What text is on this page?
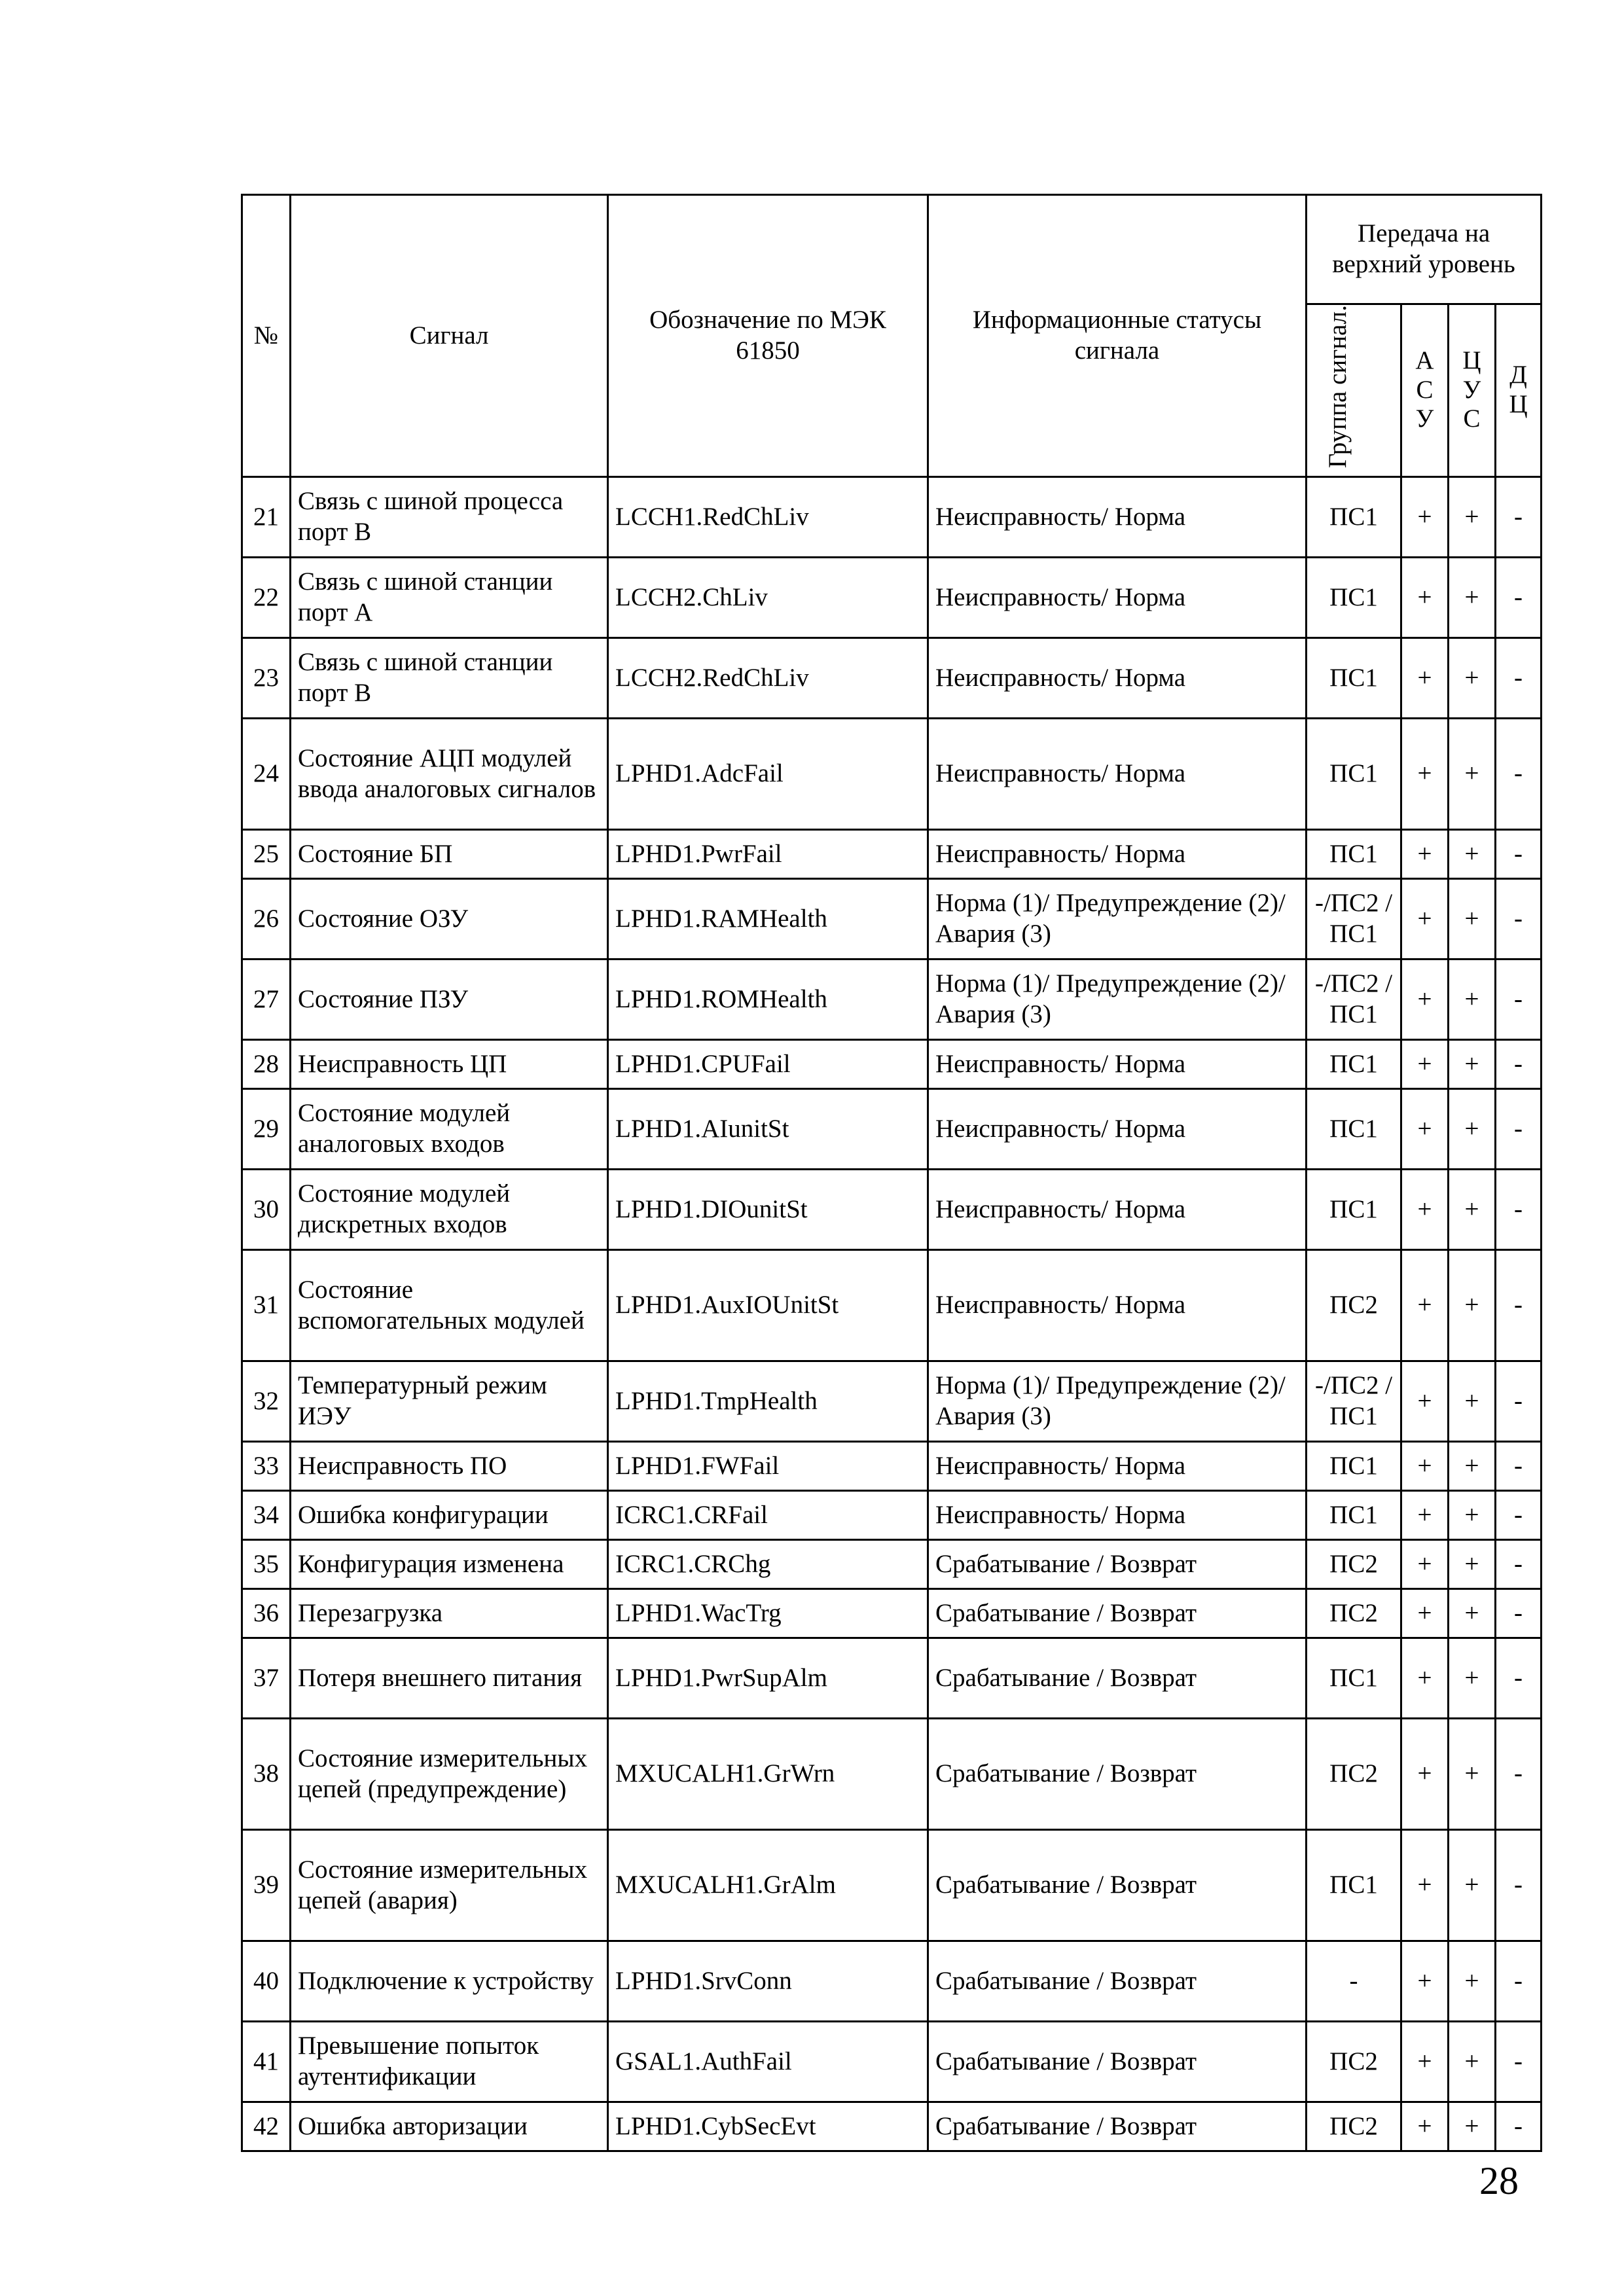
№	Сигнал	Обозначение по МЭК 61850	Информационные статусы сигнала	Передача на верхний уровень			
				Группа сигнал.	АСУ	ЦУС	ДЦ
21	Связь с шиной процесса порт В	LCCH1.RedChLiv	Неисправность/ Норма	ПС1	+	+	-
22	Связь с шиной станции порт А	LCCH2.ChLiv	Неисправность/ Норма	ПС1	+	+	-
23	Связь с шиной станции порт В	LCCH2.RedChLiv	Неисправность/ Норма	ПС1	+	+	-
24	Состояние АЦП модулей ввода аналоговых сигналов	LPHD1.AdcFail	Неисправность/ Норма	ПС1	+	+	-
25	Состояние БП	LPHD1.PwrFail	Неисправность/ Норма	ПС1	+	+	-
26	Состояние ОЗУ	LPHD1.RAMHealth	Норма (1)/ Предупреждение (2)/ Авария (3)	-/ПС2 /ПС1	+	+	-
27	Состояние ПЗУ	LPHD1.ROMHealth	Норма (1)/ Предупреждение (2)/ Авария (3)	-/ПС2 /ПС1	+	+	-
28	Неисправность ЦП	LPHD1.CPUFail	Неисправность/ Норма	ПС1	+	+	-
29	Состояние модулей аналоговых входов	LPHD1.AIunitSt	Неисправность/ Норма	ПС1	+	+	-
30	Состояние модулей дискретных входов	LPHD1.DIOunitSt	Неисправность/ Норма	ПС1	+	+	-
31	Состояние вспомогательных модулей	LPHD1.AuxIOUnitSt	Неисправность/ Норма	ПС2	+	+	-
32	Температурный режим ИЭУ	LPHD1.TmpHealth	Норма (1)/ Предупреждение (2)/ Авария (3)	-/ПС2 /ПС1	+	+	-
33	Неисправность ПО	LPHD1.FWFail	Неисправность/ Норма	ПС1	+	+	-
34	Ошибка конфигурации	ICRC1.CRFail	Неисправность/ Норма	ПС1	+	+	-
35	Конфигурация изменена	ICRC1.CRChg	Срабатывание / Возврат	ПС2	+	+	-
36	Перезагрузка	LPHD1.WacTrg	Срабатывание / Возврат	ПС2	+	+	-
37	Потеря внешнего питания	LPHD1.PwrSupAlm	Срабатывание / Возврат	ПС1	+	+	-
38	Состояние измерительных цепей (предупреждение)	MXUCALH1.GrWrn	Срабатывание / Возврат	ПС2	+	+	-
39	Состояние измерительных цепей (авария)	MXUCALH1.GrAlm	Срабатывание / Возврат	ПС1	+	+	-
40	Подключение к устройству	LPHD1.SrvConn	Срабатывание / Возврат	-	+	+	-
41	Превышение попыток аутентификации	GSAL1.AuthFail	Срабатывание / Возврат	ПС2	+	+	-
42	Ошибка авторизации	LPHD1.CybSecEvt	Срабатывание / Возврат	ПС2	+	+	-
28
